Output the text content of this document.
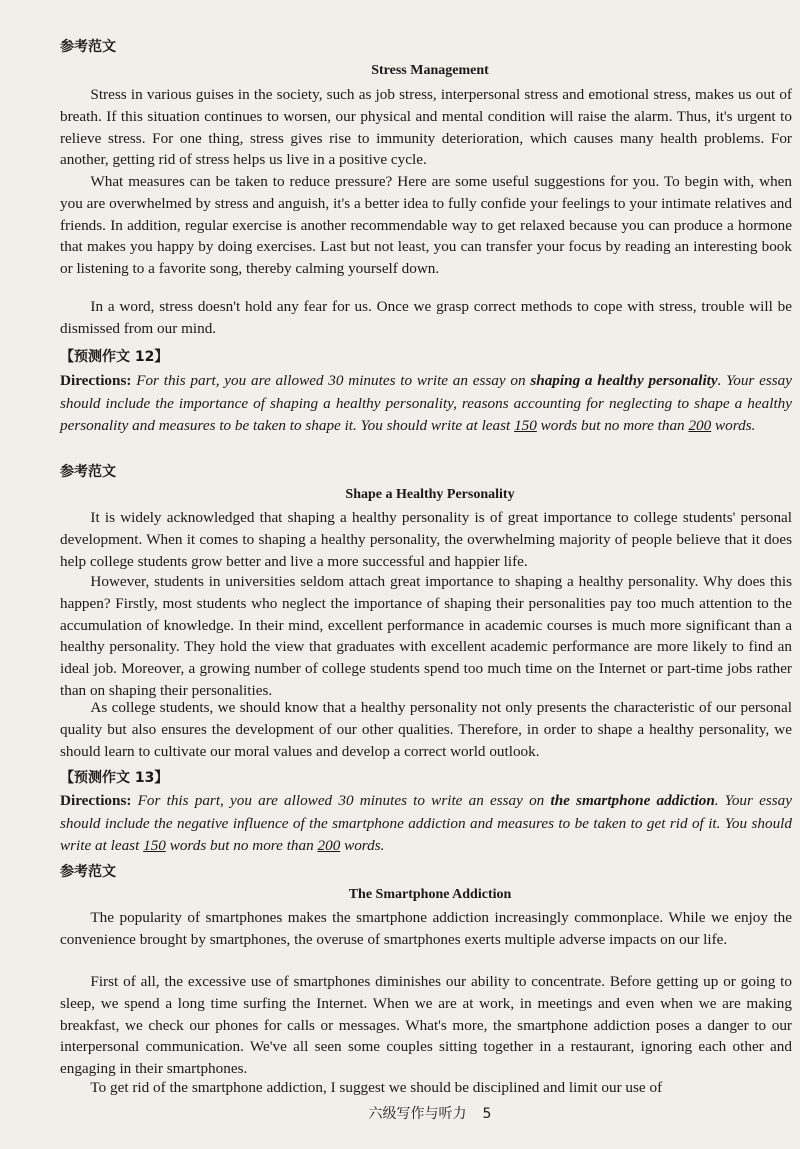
参考范文
Stress Management

Stress in various guises in the society, such as job stress, interpersonal stress and emotional stress, makes us out of breath. If this situation continues to worsen, our physical and mental condition will raise the alarm. Thus, it's urgent to relieve stress. For one thing, stress gives rise to immunity deterioration, which causes many health problems. For another, getting rid of stress helps us live in a positive cycle.

What measures can be taken to reduce pressure? Here are some useful suggestions for you. To begin with, when you are overwhelmed by stress and anguish, it's a better idea to fully confide your feelings to your intimate relatives and friends. In addition, regular exercise is another recommendable way to get relaxed because you can produce a hormone that makes you happy by doing exercises. Last but not least, you can transfer your focus by reading an interesting book or listening to a favorite song, thereby calming yourself down.

In a word, stress doesn't hold any fear for us. Once we grasp correct methods to cope with stress, trouble will be dismissed from our mind.

【预测作文 12】

Directions: For this part, you are allowed 30 minutes to write an essay on shaping a healthy personality. Your essay should include the importance of shaping a healthy personality, reasons accounting for neglecting to shape a healthy personality and measures to be taken to shape it. You should write at least 150 words but no more than 200 words.

参考范文
Shape a Healthy Personality

It is widely acknowledged that shaping a healthy personality is of great importance to college students' personal development. When it comes to shaping a healthy personality, the overwhelming majority of people believe that it does help college students grow better and live a more successful and happier life.

However, students in universities seldom attach great importance to shaping a healthy personality. Why does this happen? Firstly, most students who neglect the importance of shaping their personalities pay too much attention to the accumulation of knowledge. In their mind, excellent performance in academic courses is much more significant than a healthy personality. They hold the view that graduates with excellent academic performance are more likely to find an ideal job. Moreover, a growing number of college students spend too much time on the Internet or part-time jobs rather than on shaping their personalities.

As college students, we should know that a healthy personality not only presents the characteristic of our personal quality but also ensures the development of our other qualities. Therefore, in order to shape a healthy personality, we should learn to cultivate our moral values and develop a correct world outlook.

【预测作文 13】

Directions: For this part, you are allowed 30 minutes to write an essay on the smartphone addiction. Your essay should include the negative influence of the smartphone addiction and measures to be taken to get rid of it. You should write at least 150 words but no more than 200 words.

参考范文
The Smartphone Addiction

The popularity of smartphones makes the smartphone addiction increasingly commonplace. While we enjoy the convenience brought by smartphones, the overuse of smartphones exerts multiple adverse impacts on our life.

First of all, the excessive use of smartphones diminishes our ability to concentrate. Before getting up or going to sleep, we spend a long time surfing the Internet. When we are at work, in meetings and even when we are making breakfast, we check our phones for calls or messages. What's more, the smartphone addiction poses a danger to our interpersonal communication. We've all seen some couples sitting together in a restaurant, ignoring each other and engaging in their smartphones.

To get rid of the smartphone addiction, I suggest we should be disciplined and limit our use of

六级写作与听力 5
